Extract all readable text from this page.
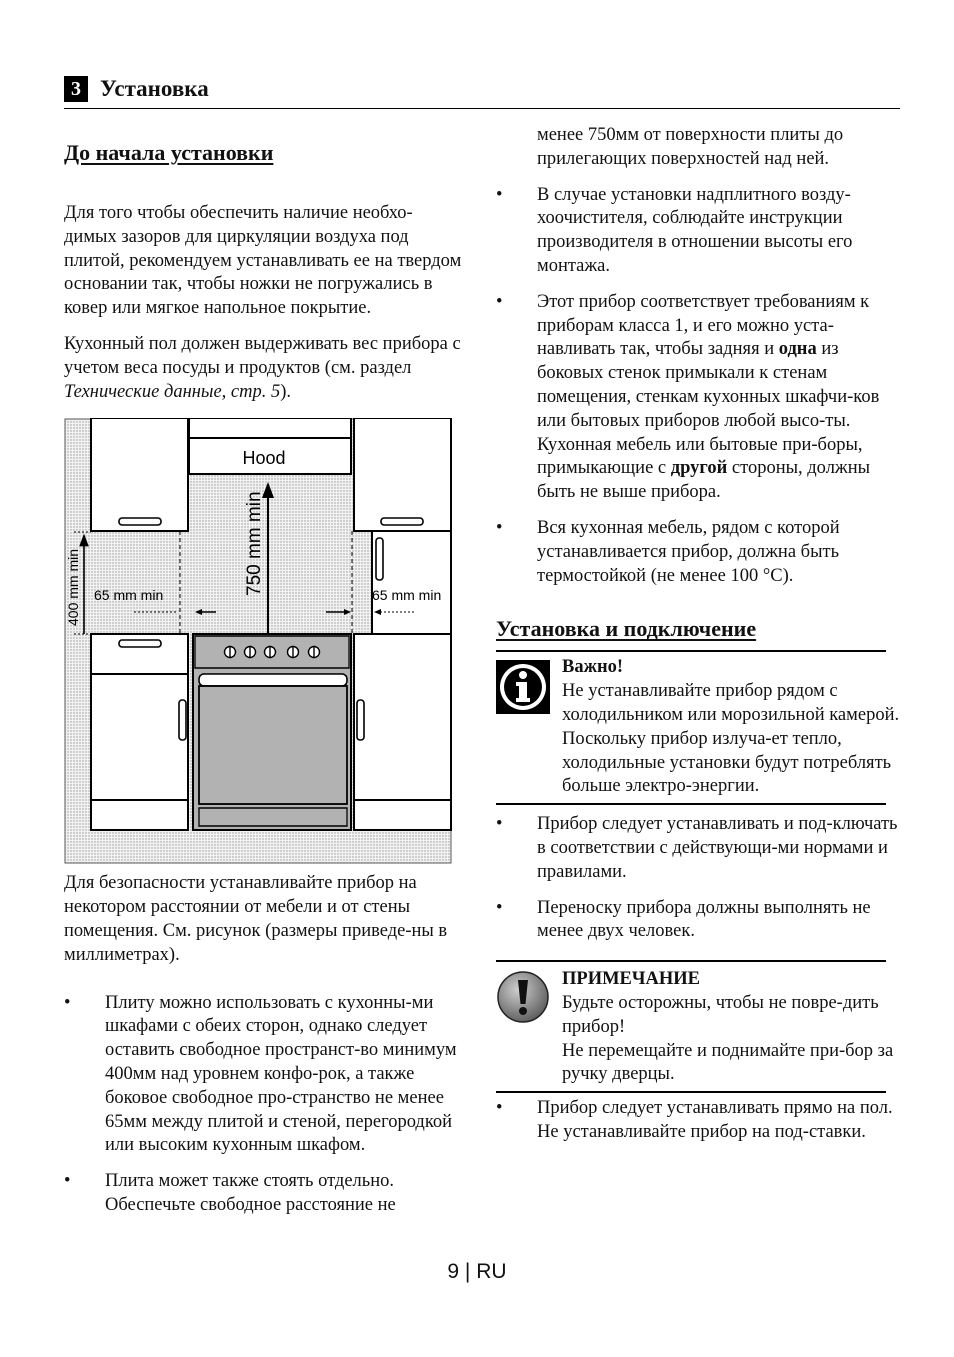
3 Установка
До начала установки

Для того чтобы обеспечить наличие необхо-димых зазоров для циркуляции воздуха под плитой, рекомендуем устанавливать ее на твердом основании так, чтобы ножки не погружались в ковер или мягкое напольное покрытие.

Кухонный пол должен выдерживать вес прибора с учетом веса посуды и продуктов (см. раздел Технические данные, стр. 5).

Hood
750 mm min
400 mm min 65 mm min	65 mm min

Для безопасности устанавливайте прибор на некотором расстоянии от мебели и от стены помещения. См. рисунок (размеры приведе-ны в миллиметрах).

• Плиту можно использовать с кухонны-ми шкафами с обеих сторон, однако следует оставить свободное пространст-во минимум 400мм над уровнем конфо-рок, а также боковое свободное про-странство не менее 65мм между плитой и стеной, перегородкой или высоким кухонным шкафом.
• Плита может также стоять отдельно. Обеспечьте свободное расстояние не

менее 750мм от поверхности плиты до прилегающих поверхностей над ней.

• В случае установки надплитного возду-хоочистителя, соблюдайте инструкции производителя в отношении высоты его монтажа.
• Этот прибор соответствует требованиям к приборам класса 1, и его можно уста-навливать так, чтобы задняя и одна из боковых стенок примыкали к стенам помещения, стенкам кухонных шкафчи-ков или бытовых приборов любой высо-ты. Кухонная мебель или бытовые при-боры, примыкающие с другой стороны, должны быть не выше прибора.
• Вся кухонная мебель, рядом с которой устанавливается прибор, должна быть термостойкой (не менее 100 °С).
Установка и подключение
Важно!

Не устанавливайте прибор рядом с холодильником или морозильной камерой. Поскольку прибор излуча-ет тепло, холодильные установки будут потреблять больше электро-энергии.

• Прибор следует устанавливать и под-ключать в соответствии с действующи-ми нормами и правилами.
• Переноску прибора должны выполнять не менее двух человек.
ПРИМЕЧАНИЕ

Будьте осторожны, чтобы не повре-дить прибор!

Не перемещайте и поднимайте при-бор за ручку дверцы.

• Прибор следует устанавливать прямо на пол. Не устанавливайте прибор на под-ставки.
9 | RU
